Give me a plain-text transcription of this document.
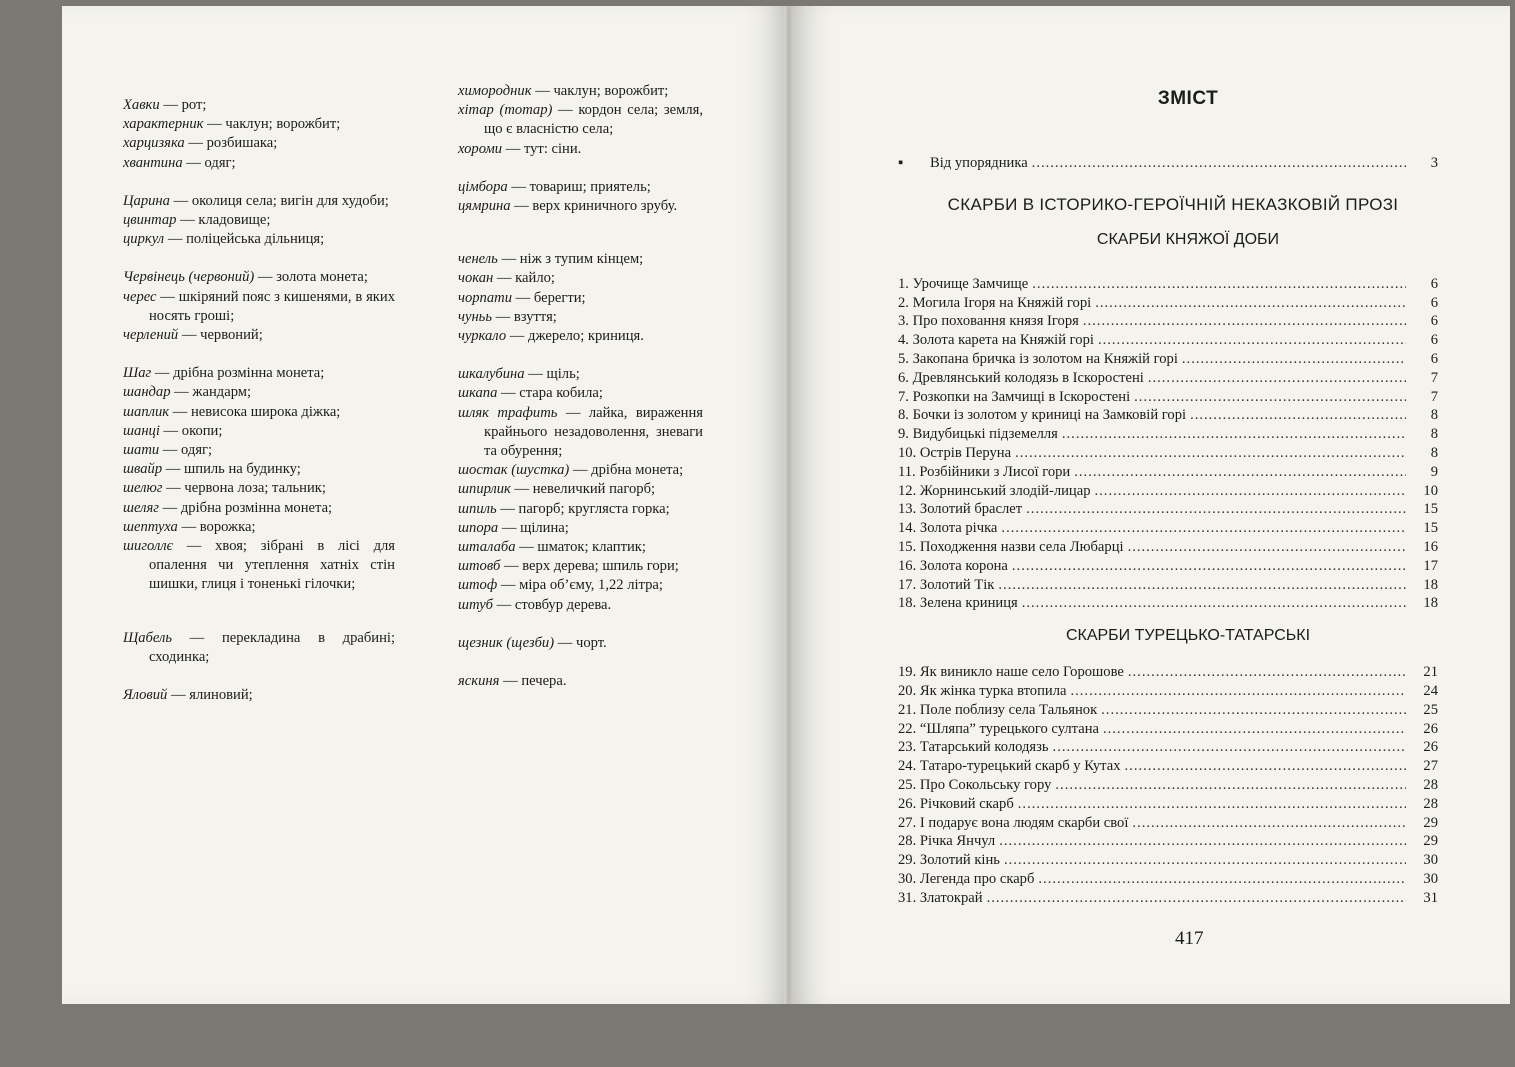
Хавки — рот;

характерник — чаклун; ворожбит;

харцизяка — розбишака;

хвантина — одяг;

Царина — околиця села; вигін для худоби;

цвинтар — кладовище;

циркул — поліцейська дільниця;

Червінець (червоний) — золота монета;

черес — шкіряний пояс з кишенями, в яких носять гроші;

черлений — червоний;

Шаг — дрібна розмінна монета;

шандар — жандарм;

шаплик — невисока широка діжка;

шанці — окопи;

шати — одяг;

швайр — шпиль на будинку;

шелюг — червона лоза; тальник;

шеляг — дрібна розмінна монета;

шептуха — ворожка;

шиголлє — хвоя; зібрані в лісі для опалення чи утеплення хатніх стін шишки, глиця і тоненькі гілочки;

Щабель — перекладина в драбині; сходинка;

Яловий — ялиновий;

химородник — чаклун; ворожбит;

хітар (тотар) — кордон села; земля, що є власністю села;

хороми — тут: сіни.

цімбора — товариш; приятель;

цямрина — верх криничного зрубу.

ченель — ніж з тупим кінцем;

чокан — кайло;

чорпати — берегти;

чуньь — взуття;

чуркало — джерело; криниця.

шкалубина — щіль;

шкапа — стара кобила;

шляк трафить — лайка, вираження крайнього незадоволення, зневаги та обурення;

шостак (шустка) — дрібна монета;

шпирлик — невеличкий пагорб;

шпиль — пагорб; кругляста горка;

шпора — щілина;

шталаба — шматок; клаптик;

штовб — верх дерева; шпиль гори;

штоф — міра об’єму, 1,22 літра;

штуб — стовбур дерева.

щезник (щезби) — чорт.

яскиня — печера.

ЗМІСТ
▪	Від упорядника .....	3
СКАРБИ В ІСТОРИКО-ГЕРОЇЧНІЙ НЕКАЗКОВІЙ ПРОЗІ
СКАРБИ КНЯЖОЇ ДОБИ
1. Урочище Замчище .....	6
2. Могила Ігоря на Княжій горі .....	6
3. Про поховання князя Ігоря .....	6
4. Золота карета на Княжій горі .....	6
5. Закопана бричка із золотом на Княжій горі .....	6
6. Древлянський колодязь в Іскоростені .....	7
7. Розкопки на Замчищі в Іскоростені .....	7
8. Бочки із золотом у криниці на Замковій горі .....	8
9. Видубицькі підземелля .....	8
10. Острів Перуна .....	8
11. Розбійники з Лисої гори .....	9
12. Жорнинський злодій-лицар .....	10
13. Золотий браслет .....	15
14. Золота річка .....	15
15. Походження назви села Любарці .....	16
16. Золота корона .....	17
17. Золотий Тік .....	18
18. Зелена криниця .....	18
СКАРБИ ТУРЕЦЬКО-ТАТАРСЬКІ
19. Як виникло наше село Горошове .....	21
20. Як жінка турка втопила .....	24
21. Поле поблизу села Тальянок .....	25
22. “Шляпа” турецького султана .....	26
23. Татарський колодязь .....	26
24. Татаро-турецький скарб у Кутах .....	27
25. Про Сокольську гору .....	28
26. Річковий скарб .....	28
27. І подарує вона людям скарби свої .....	29
28. Річка Янчул .....	29
29. Золотий кінь .....	30
30. Легенда про скарб .....	30
31. Златокрай .....	31
417
